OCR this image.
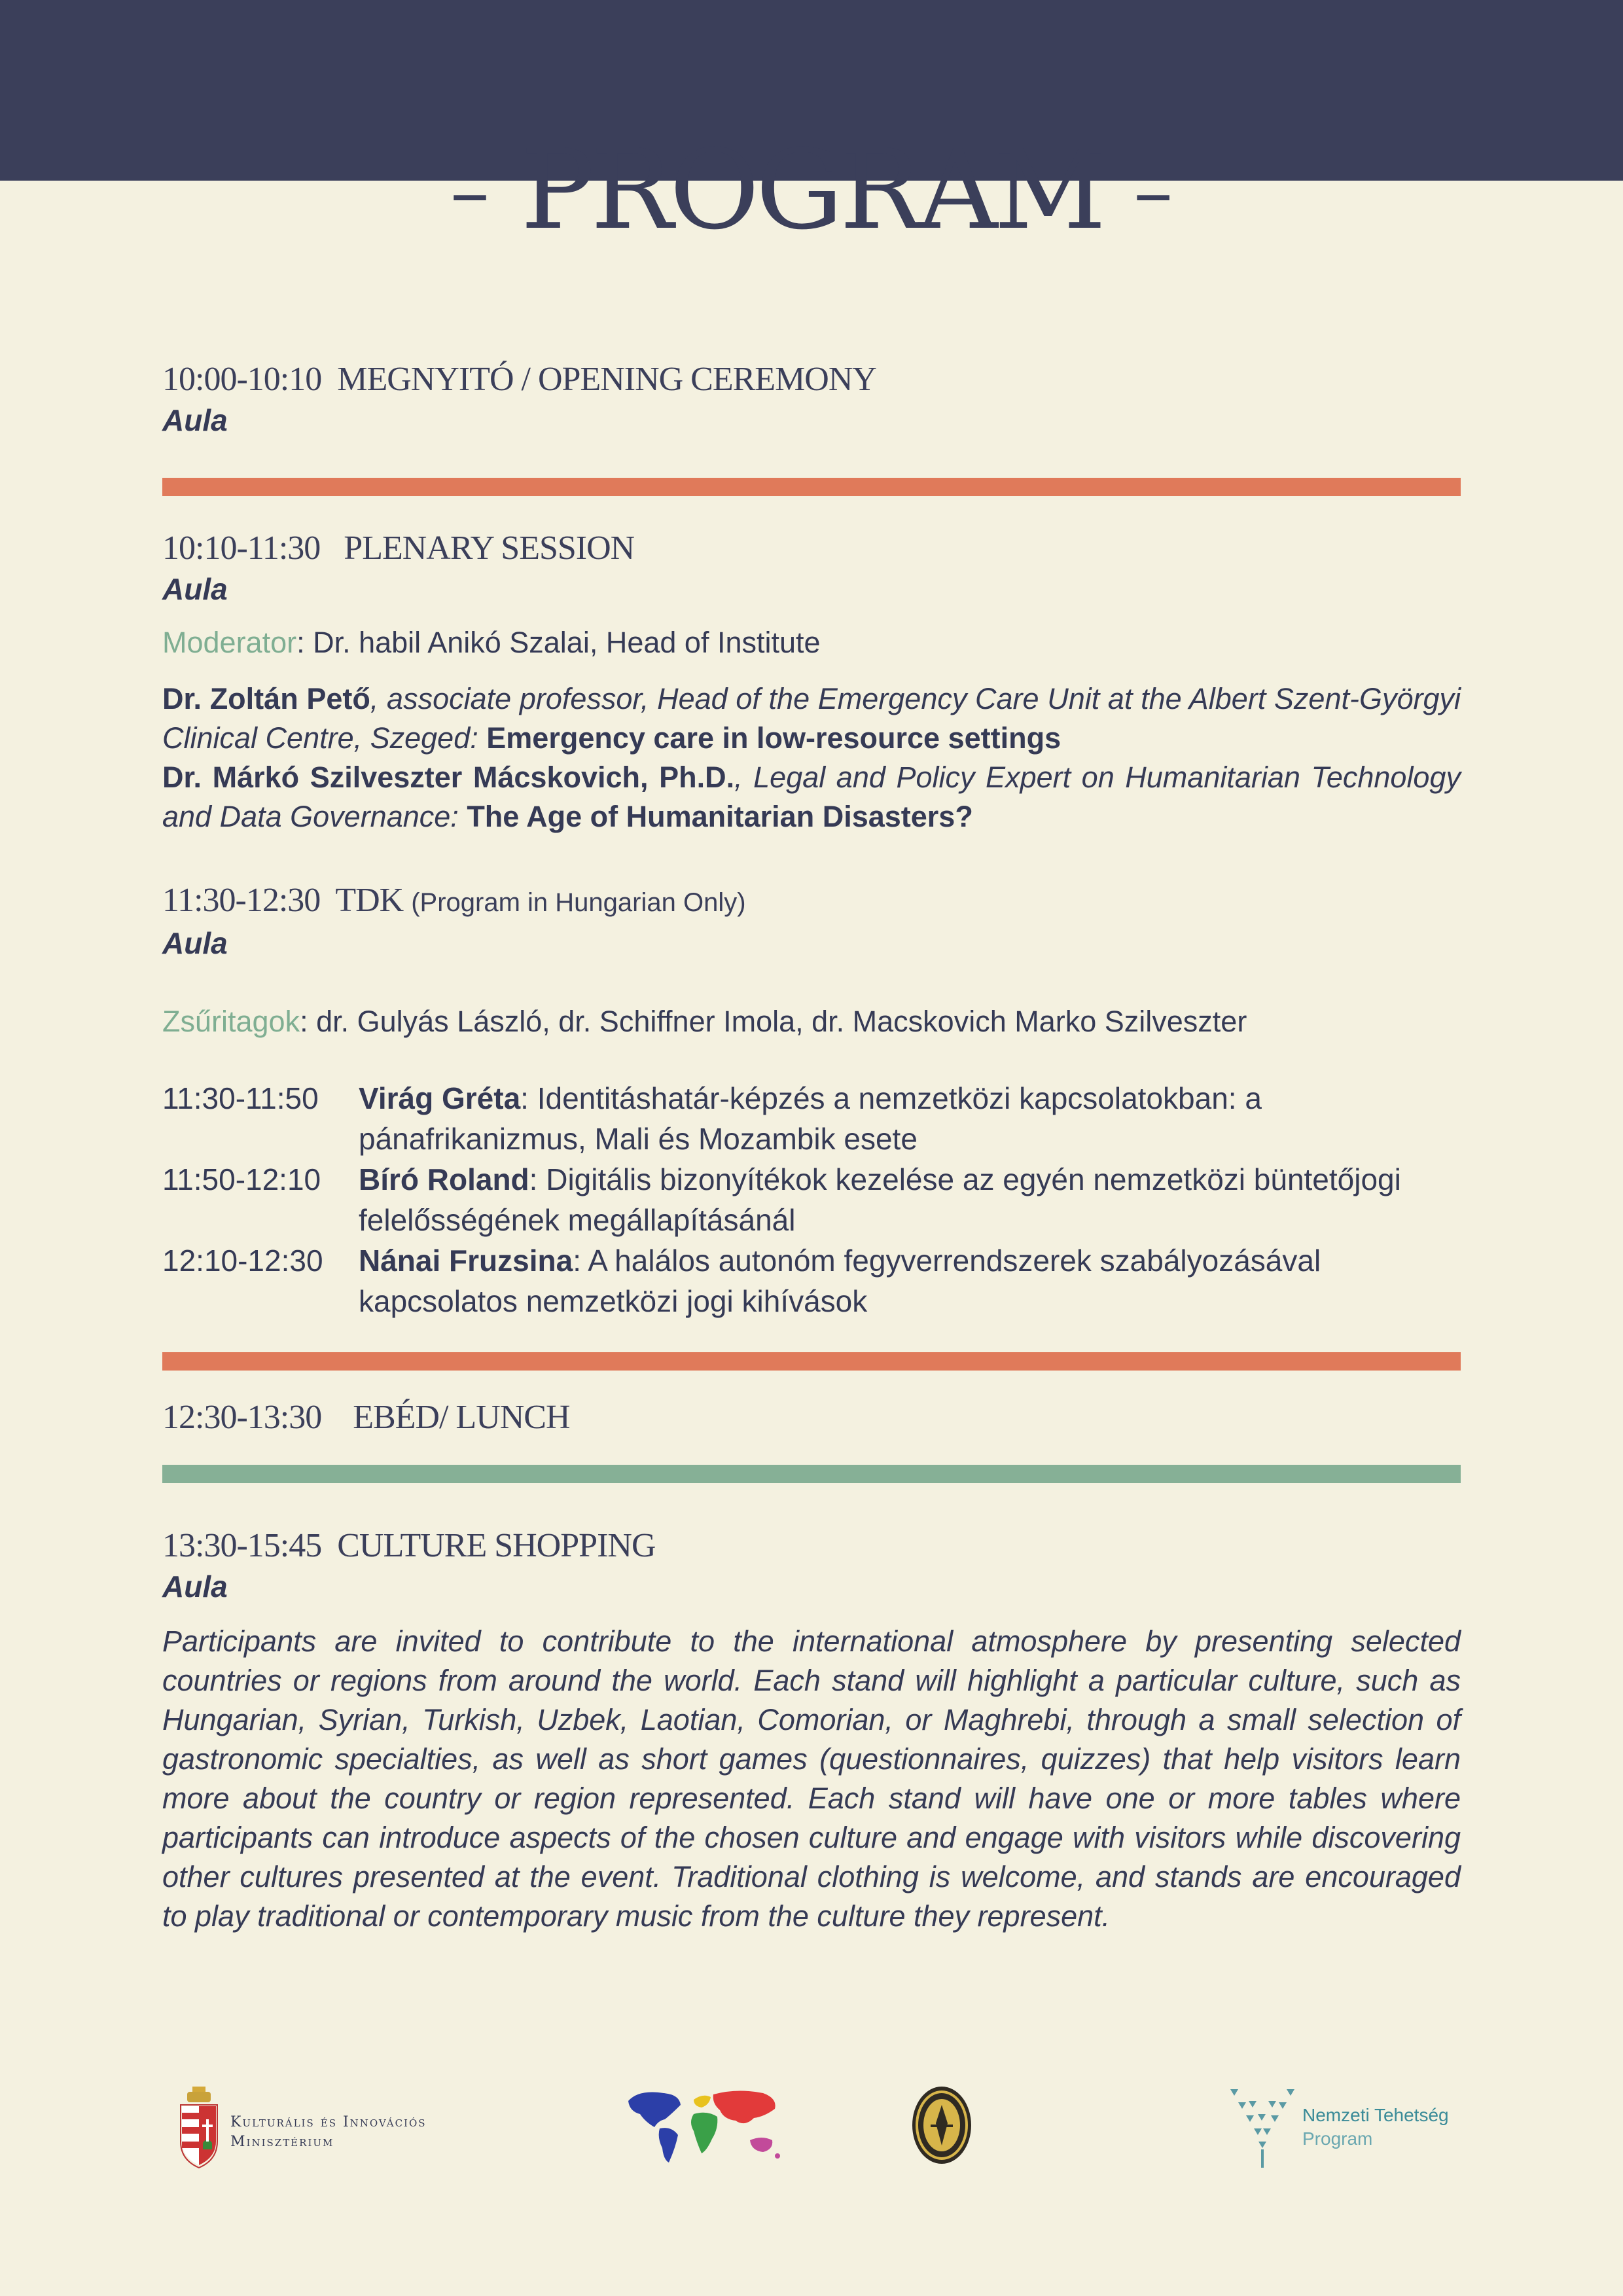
– PROGRAM –
10:00-10:10 MEGNYITÓ / OPENING CEREMONY
Aula
10:10-11:30 PLENARY SESSION
Aula
Moderator: Dr. habil Anikó Szalai, Head of Institute
Dr. Zoltán Pető, associate professor, Head of the Emergency Care Unit at the Albert Szent-Györgyi Clinical Centre, Szeged: Emergency care in low-resource settings
Dr. Márkó Szilveszter Mácskovich, Ph.D., Legal and Policy Expert on Humanitarian Technology and Data Governance: The Age of Humanitarian Disasters?
11:30-12:30 TDK (Program in Hungarian Only)
Aula
Zsűritagok: dr. Gulyás László, dr. Schiffner Imola, dr. Macskovich Marko Szilveszter
11:30-11:50	Virág Gréta: Identitáshatár-képzés a nemzetközi kapcsolatokban: a pánafrikanizmus, Mali és Mozambik esete
11:50-12:10	Bíró Roland: Digitális bizonyítékok kezelése az egyén nemzetközi büntetőjogi felelősségének megállapításánál
12:10-12:30	Nánai Fruzsina: A halálos autonóm fegyverrendszerek szabályozásával kapcsolatos nemzetközi jogi kihívások
12:30-13:30 EBÉD/ LUNCH
13:30-15:45 CULTURE SHOPPING
Aula
Participants are invited to contribute to the international atmosphere by presenting selected countries or regions from around the world. Each stand will highlight a particular culture, such as Hungarian, Syrian, Turkish, Uzbek, Laotian, Comorian, or Maghrebi, through a small selection of gastronomic specialties, as well as short games (questionnaires, quizzes) that help visitors learn more about the country or region represented. Each stand will have one or more tables where participants can introduce aspects of the chosen culture and engage with visitors while discovering other cultures presented at the event. Traditional clothing is welcome, and stands are encouraged to play traditional or contemporary music from the culture they represent.
Kulturális és Innovációs
Minisztérium
Nemzeti Tehetség
Program
